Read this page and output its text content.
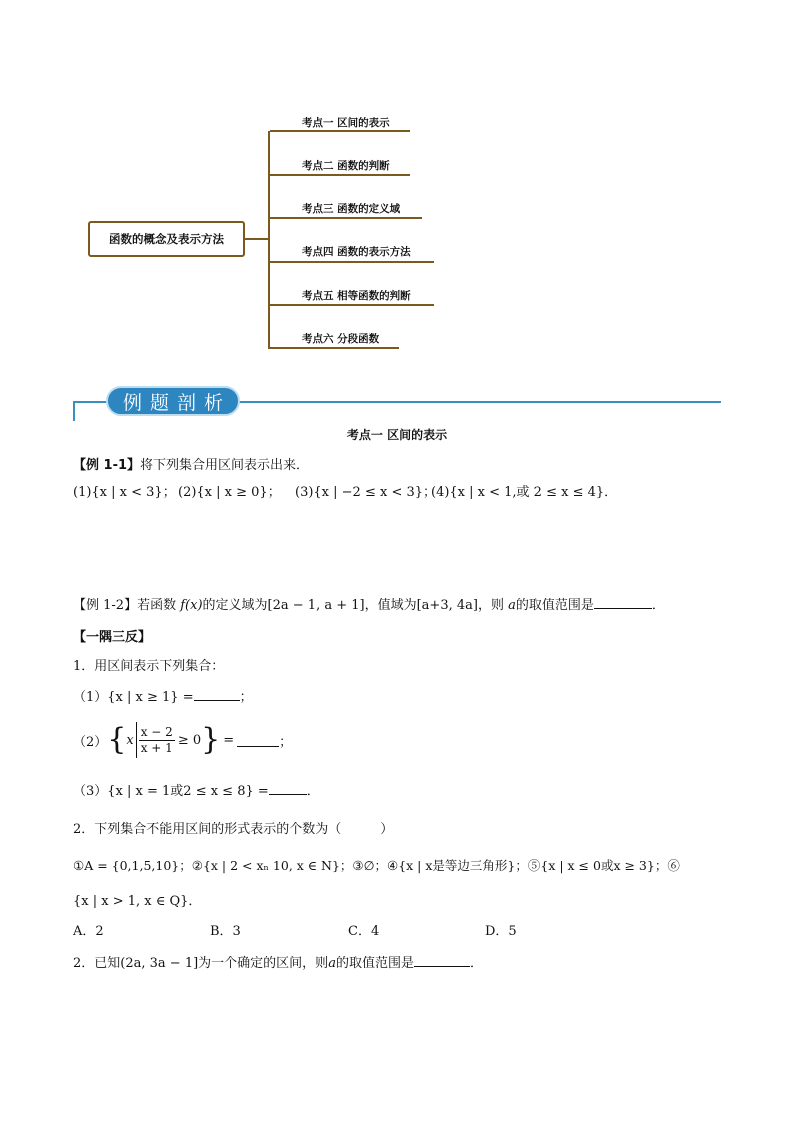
函数的概念及表示方法
考点一 区间的表示
考点二 函数的判断
考点三 函数的定义域
考点四 函数的表示方法
考点五 相等函数的判断
考点六 分段函数
例题剖析
考点一 区间的表示
【例 1-1】将下列集合用区间表示出来．
(1){x | x < 3}； (2){x | x ≥ 0}； (3){x | −2 ≤ x < 3}；
(4){x | x < 1,或 2 ≤ x ≤ 4}．
【例 1-2】若函数 f(x)的定义域为[2a − 1, a + 1]，值域为[a+3, 4a]，则 a的取值范围是	．
【一隅三反】
1．用区间表示下列集合：
（1）{x | x ≥ 1} =	；
（2） { x $\frac{x - 2}{x + 1} \ge 0$ } =	；
（3）{x | x = 1或2 ≤ x ≤ 8} =	．
2．下列集合不能用区间的形式表示的个数为（　　　）
①A = {0,1,5,10}；②{x | 2 < xₙ 10, x ∈ N}；③∅；④{x | x是等边三角形}；⑤{x | x ≤ 0或x ≥ 3}；⑥
{x | x > 1, x ∈ Q}．
A．2	B．3	C．4	D．5
2．已知(2a, 3a − 1]为一个确定的区间，则a的取值范围是	．
